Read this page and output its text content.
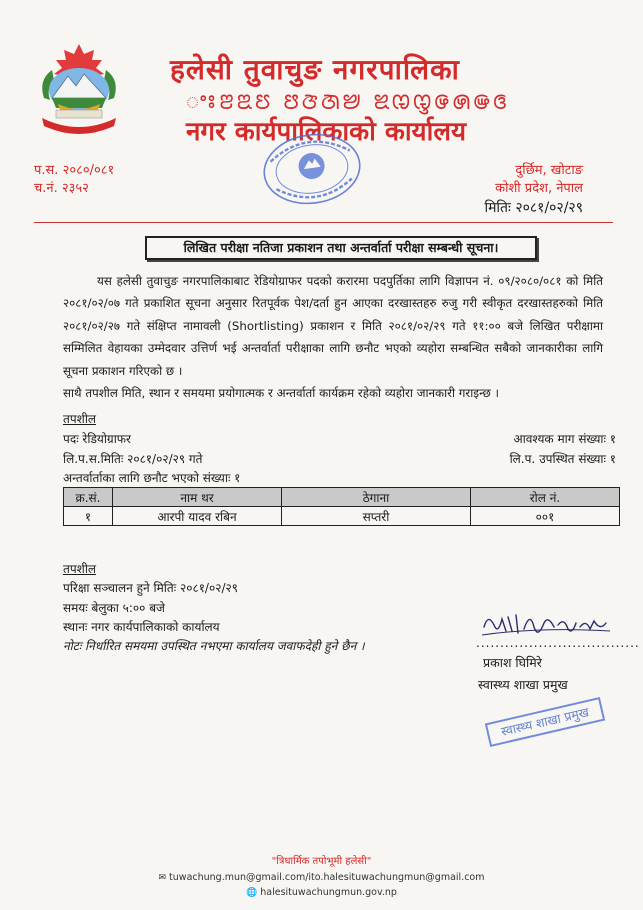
हलेसी तुवाचुङ नगरपालिका
ꢀꢁꢂꢃꢄ ꢅꢆꢇꢈ ꢉꢊꢋꢌꢍꢎꢏ
नगर कार्यपालिकाको कार्यालय
प.स. २०८०/०८१
च.नं. २३५२
दुर्छिम, खोटाङ
कोशी प्रदेश, नेपाल
मितिः २०८१/०२/२९
लिखित परीक्षा नतिजा प्रकाशन तथा अन्तर्वार्ता परीक्षा सम्बन्धी सूचना।

यस हलेसी तुवाचुङ नगरपालिकाबाट रेडियोग्राफर पदको करारमा पदपुर्तिका लागि विज्ञापन नं. ०९/२०८०/०८१ को मिति २०८१/०२/०७ गते प्रकाशित सूचना अनुसार रितपूर्वक पेश/दर्ता हुन आएका दरखास्तहरु रुजु गरी स्वीकृत दरखास्तहरुको मिति २०८१/०२/२७ गते संक्षिप्त नामावली (Shortlisting) प्रकाशन र मिति २०८१/०२/२९ गते ११:०० बजे लिखित परीक्षामा सम्मिलित वेहायका उम्मेदवार उत्तिर्ण भई अन्तर्वार्ता परीक्षाका लागि छनौट भएको व्यहोरा सम्बन्धित सबैको जानकारीका लागि सूचना प्रकाशन गरिएको छ ।

साथै तपशील मिति, स्थान र समयमा प्रयोगात्मक र अन्तर्वार्ता कार्यक्रम रहेको व्यहोरा जानकारी गराइन्छ ।

तपशील
पदः रेडियोग्राफर	आवश्यक माग संख्याः १
लि.प.स.मितिः २०८१/०२/२९ गते	लि.प. उपस्थित संख्याः १
अन्तर्वार्ताका लागि छनौट भएको संख्याः १
क्र.सं.	नाम थर	ठेगाना	रोल नं.
१	आरपी यादव रबिन	सप्तरी	००१
तपशील
परिक्षा सञ्चालन हुने मितिः २०८१/०२/२९
समयः बेलुका ५:०० बजे
स्थानः नगर कार्यपालिकाको कार्यालय
नोटः निर्धारित समयमा उपस्थित नभएमा कार्यालय जवाफदेही हुने छैन ।	..................................
प्रकाश घिमिरे
स्वास्थ्य शाखा प्रमुख
स्वास्थ्य शाखा प्रमुख
"त्रिधार्मिक तपोभूमी हलेसी"
✉ tuwachung.mun@gmail.com/ito.halesituwachungmun@gmail.com
🌐 halesituwachungmun.gov.np
